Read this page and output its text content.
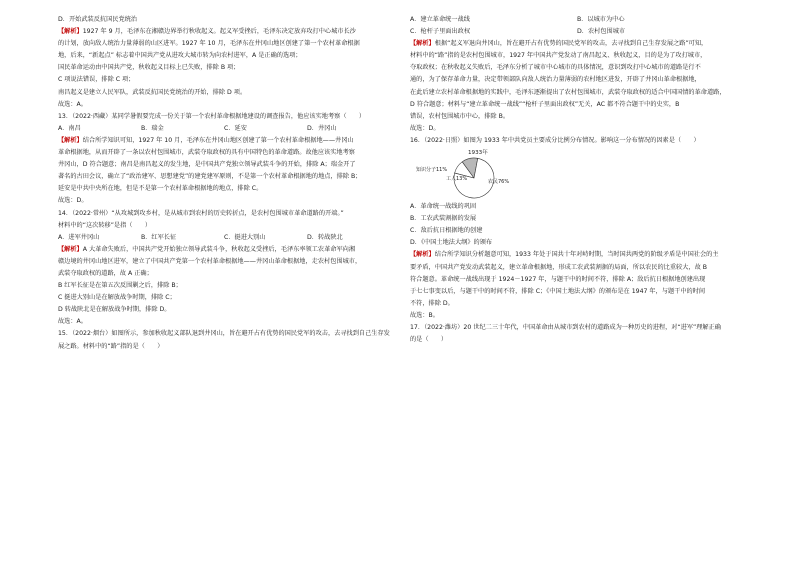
D．开始武装反抗国民党统治
【解析】1927 年 9 月，毛泽东在湘赣边界举行秋收起义。起义军受挫后，毛泽东决定放弃攻打中心城市长沙
的计划，放向敌人统治力量薄弱的山区进军。1927 年 10 月，毛泽东在井冈山地区创建了第一个农村革命根据
地，后来，“新起点” 标志着中国共产党从进攻大城市转为向农村进军，A 是正确的选项；
国民革命运动由中国共产党，秋收起义目标上已失败，排除 B 项；
C 项说法错误，排除 C 项；
南昌起义是建立人民军队，武装反抗国民党统治的开始，排除 D 项。
故选：A。
13．（2022·西藏）某同学暑假要完成一份关于第一个农村革命根据地建设的调查报告，他应该实地考察（　　）
A．南昌	B．瑞金	C．延安	D．井冈山
【解析】结合所学知识可知，1927 年 10 月，毛泽东在井冈山地区创建了第一个农村革命根据地——井冈山
革命根据地，从而开辟了一条以农村包围城市，武装夺取政权的具有中国特色的革命道路。故他应该实地考察
井冈山，D 符合题意；南昌是南昌起义的发生地，是中国共产党独立领导武装斗争的开始，排除 A；瑞金开了
著名的古田会议，确立了“政治建军、思想建党”的建党建军原则，不是第一个农村革命根据地的地点，排除 B；
延安是中共中央所在地，但是不是第一个农村革命根据地的地点，排除 C。
故选：D。
14．（2022·常州）“从攻城到攻乡村，是从城市到农村的历史转折点，是农村包围城市革命道路的开端。”
材料中的“这次转移”是指（　　）
A．进军井冈山	B．红军长征	C．挺进大别山	D．转战陕北
【解析】A 大革命失败后，中国共产党开始独立领导武装斗争，秋收起义受挫后，毛泽东率领工农革命军向湘
赣边境的井冈山地区进军，建立了中国共产党第一个农村革命根据地——井冈山革命根据地，走农村包围城市，
武装夺取政权的道路，故 A 正确；
B 红军长征是在第五次反围剿之后，排除 B；
C 挺进大别山是在解放战争时期，排除 C；
D 转战陕北是在解放战争时期，排除 D。
故选：A。
15．（2022·烟台）如图所示，参加秋收起义部队退到井冈山，旨在避开占有优势的国民党军的攻击，去寻找到自己生存发
展之路。材料中的“路”指的是（　　）
A．建立革命统一战线	B．以城市为中心
C．枪杆子里面出政权	D．农村包围城市
【解析】根据“起义军退向井冈山，旨在避开占有优势的国民党军的攻击，去寻找到自己生存发展之路”可知，
材料中的“路”指的是农村包围城市，1927 年中国共产党发动了南昌起义、秋收起义，目的是为了攻打城市，
夺取政权；在秋收起义失败后，毛泽东分析了城市中心城市的具体情况，意识到攻打中心城市的道路是行不
通的，为了保存革命力量，决定带领部队向敌人统治力量薄弱的农村地区进发，开辟了井冈山革命根据地，
在此后建立农村革命根据地的实践中，毛泽东逐渐提出了农村包围城市，武装夺取政权的适合中国国情的革命道路，
D 符合题意；材料与“建立革命统一战线”“枪杆子里面出政权”无关，AC 都不符合题干中的史实，B
错误，农村包围城市中心，排除 B。
故选：D。
16．（2022·日照）如图为 1933 年中共党员主要成分比例分布情况。影响这一分布情况的因素是（　　）
1933年
知识分子11%
工人13%	农民76%
A．革命统一战线的巩固
B．工农武装割据的发展
C．敌后抗日根据地的创建
D．《中国土地法大纲》的颁布
【解析】结合所学知识分析题意可知，1933 年处于国共十年对峙时期，当时国共两党的阶级矛盾是中国社会的主
要矛盾，中国共产党发动武装起义，建立革命根据地，形成工农武装割据的局面，所以农民的比重较大，故 B
符合题意。革命统一战线出现于 1924－1927 年，与题干中的时间不符，排除 A；敌后抗日根据地创建出现
于七七事变以后，与题干中的时间不符，排除 C；《中国土地法大纲》的颁布是在 1947 年，与题干中的时间
不符，排除 D。
故选：B。
17．（2022·潍坊）20 世纪二三十年代，中国革命由从城市到农村的道路成为一种历史的进程，对“进军”理解正确
的是（　　）
